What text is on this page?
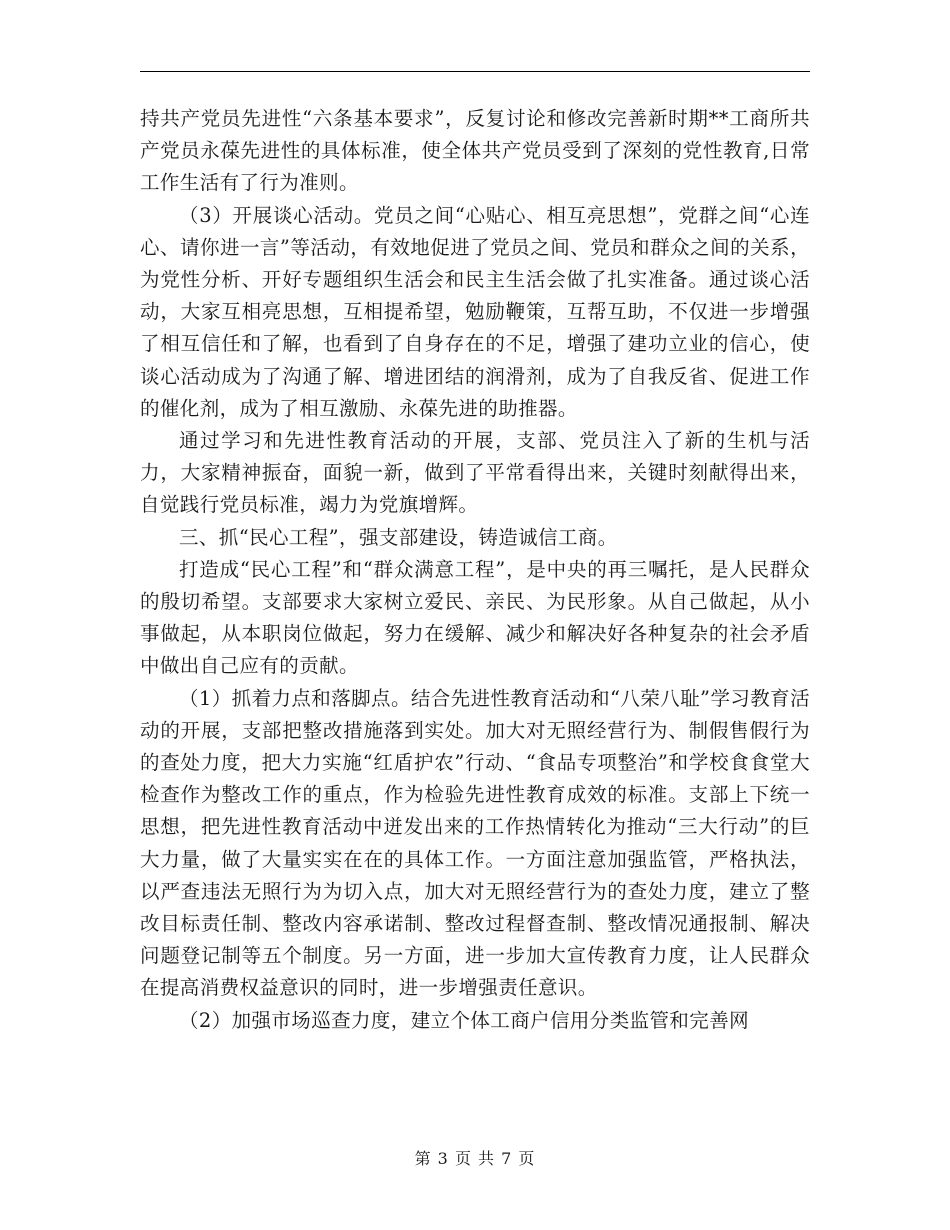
持共产党员先进性“六条基本要求”，反复讨论和修改完善新时期**工商所共产党员永葆先进性的具体标准，使全体共产党员受到了深刻的党性教育,日常工作生活有了行为准则。

（3）开展谈心活动。党员之间“心贴心、相互亮思想”，党群之间“心连心、请你进一言”等活动，有效地促进了党员之间、党员和群众之间的关系，为党性分析、开好专题组织生活会和民主生活会做了扎实准备。通过谈心活动，大家互相亮思想，互相提希望，勉励鞭策，互帮互助，不仅进一步增强了相互信任和了解，也看到了自身存在的不足，增强了建功立业的信心，使谈心活动成为了沟通了解、增进团结的润滑剂，成为了自我反省、促进工作的催化剂，成为了相互激励、永葆先进的助推器。

通过学习和先进性教育活动的开展，支部、党员注入了新的生机与活力，大家精神振奋，面貌一新，做到了平常看得出来，关键时刻献得出来，自觉践行党员标准，竭力为党旗增辉。

三、抓“民心工程”，强支部建设，铸造诚信工商。

打造成“民心工程”和“群众满意工程”，是中央的再三嘱托，是人民群众的殷切希望。支部要求大家树立爱民、亲民、为民形象。从自己做起，从小事做起，从本职岗位做起，努力在缓解、减少和解决好各种复杂的社会矛盾中做出自己应有的贡献。

（1）抓着力点和落脚点。结合先进性教育活动和“八荣八耻”学习教育活动的开展，支部把整改措施落到实处。加大对无照经营行为、制假售假行为的查处力度，把大力实施“红盾护农”行动、“食品专项整治”和学校食食堂大检查作为整改工作的重点，作为检验先进性教育成效的标准。支部上下统一思想，把先进性教育活动中迸发出来的工作热情转化为推动“三大行动”的巨大力量，做了大量实实在在的具体工作。一方面注意加强监管，严格执法，以严查违法无照行为为切入点，加大对无照经营行为的查处力度，建立了整改目标责任制、整改内容承诺制、整改过程督查制、整改情况通报制、解决问题登记制等五个制度。另一方面，进一步加大宣传教育力度，让人民群众在提高消费权益意识的同时，进一步增强责任意识。

（2）加强市场巡查力度，建立个体工商户信用分类监管和完善网

第 3 页 共 7 页
